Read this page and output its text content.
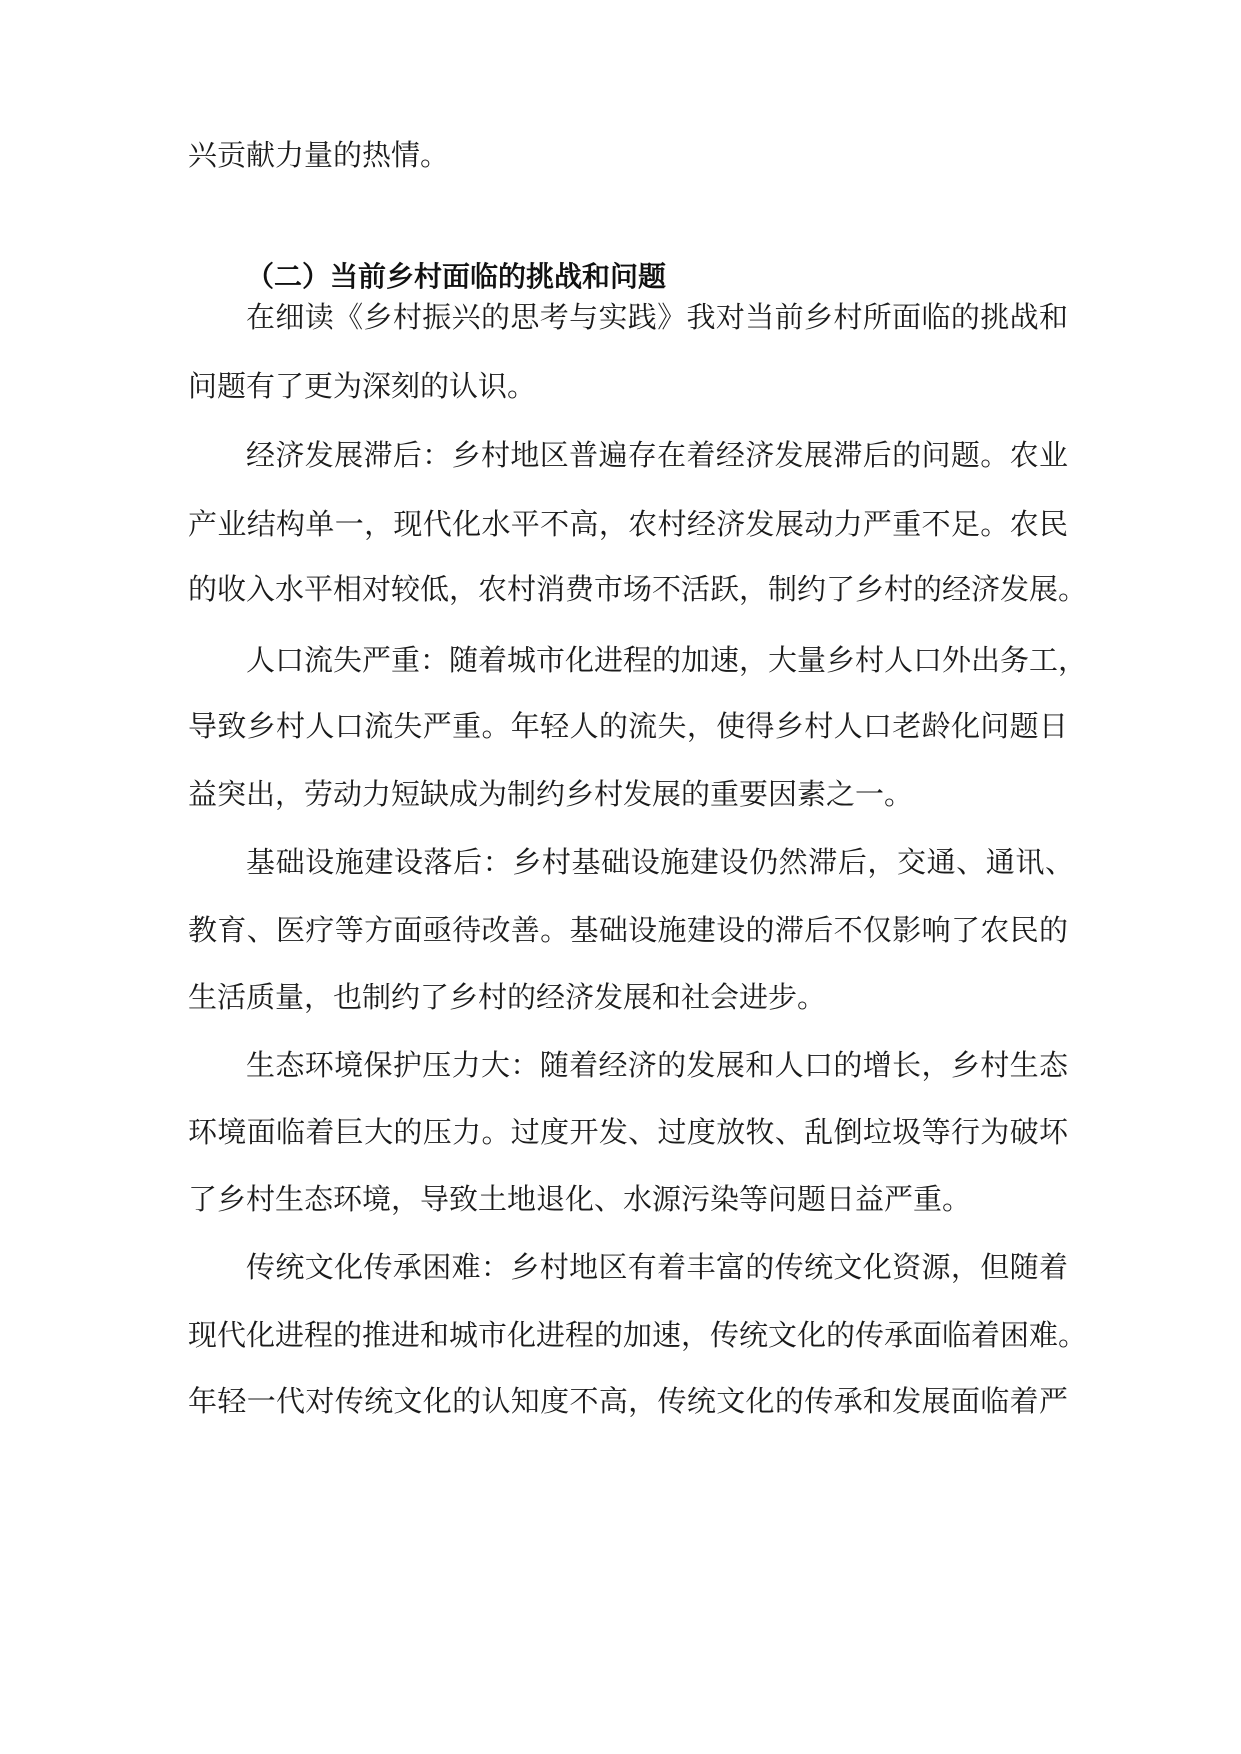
兴贡献力量的热情。

（二）当前乡村面临的挑战和问题

在细读《乡村振兴的思考与实践》我对当前乡村所面临的挑战和

问题有了更为深刻的认识。

经济发展滞后：乡村地区普遍存在着经济发展滞后的问题。农业

产业结构单一，现代化水平不高，农村经济发展动力严重不足。农民

的收入水平相对较低，农村消费市场不活跃，制约了乡村的经济发展。

人口流失严重：随着城市化进程的加速，大量乡村人口外出务工，

导致乡村人口流失严重。年轻人的流失，使得乡村人口老龄化问题日

益突出，劳动力短缺成为制约乡村发展的重要因素之一。

基础设施建设落后：乡村基础设施建设仍然滞后，交通、通讯、

教育、医疗等方面亟待改善。基础设施建设的滞后不仅影响了农民的

生活质量，也制约了乡村的经济发展和社会进步。

生态环境保护压力大：随着经济的发展和人口的增长，乡村生态

环境面临着巨大的压力。过度开发、过度放牧、乱倒垃圾等行为破坏

了乡村生态环境，导致土地退化、水源污染等问题日益严重。

传统文化传承困难：乡村地区有着丰富的传统文化资源，但随着

现代化进程的推进和城市化进程的加速，传统文化的传承面临着困难。

年轻一代对传统文化的认知度不高，传统文化的传承和发展面临着严
